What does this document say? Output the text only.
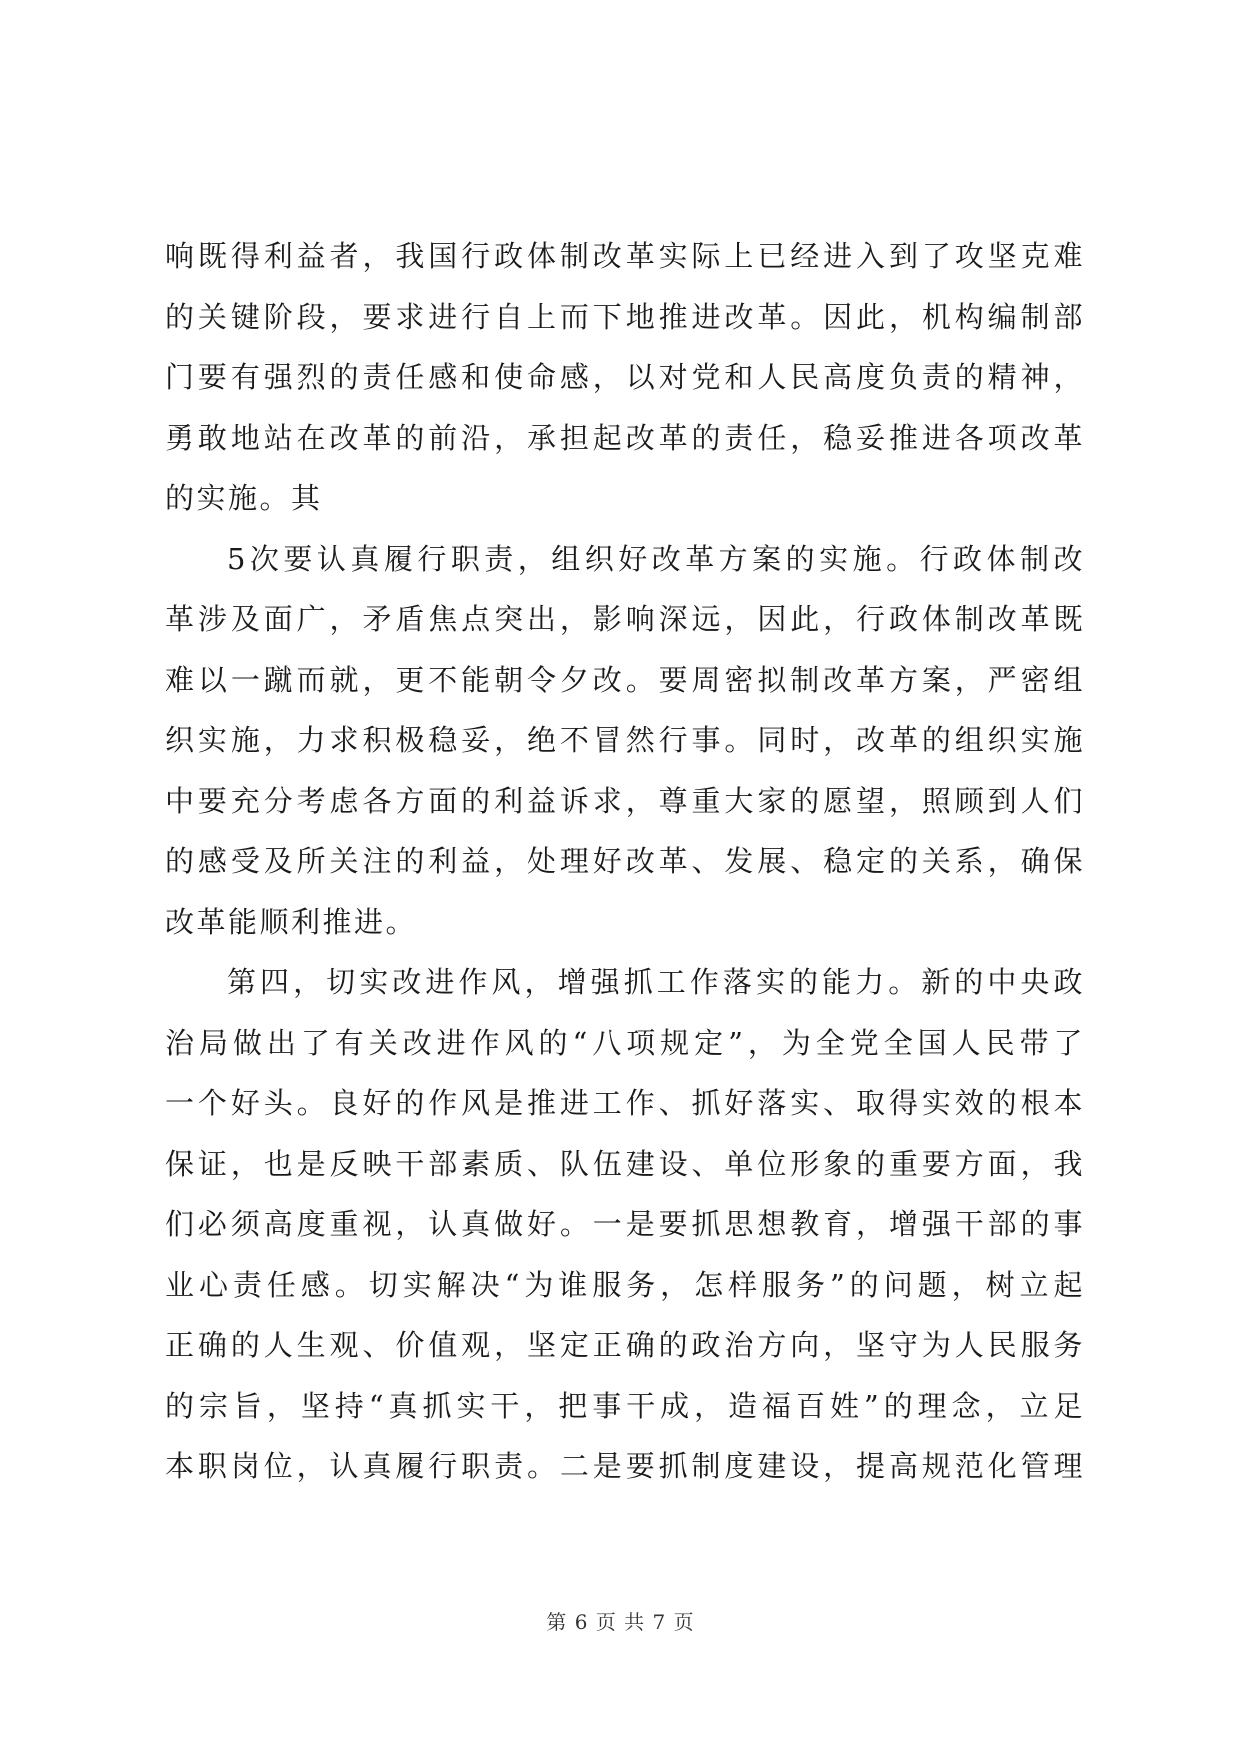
响既得利益者，我国行政体制改革实际上已经进入到了攻坚克难
的关键阶段，要求进行自上而下地推进改革。因此，机构编制部
门要有强烈的责任感和使命感，以对党和人民高度负责的精神，
勇敢地站在改革的前沿，承担起改革的责任，稳妥推进各项改革
的实施。其
5次要认真履行职责，组织好改革方案的实施。行政体制改
革涉及面广，矛盾焦点突出，影响深远，因此，行政体制改革既
难以一蹴而就，更不能朝令夕改。要周密拟制改革方案，严密组
织实施，力求积极稳妥，绝不冒然行事。同时，改革的组织实施
中要充分考虑各方面的利益诉求，尊重大家的愿望，照顾到人们
的感受及所关注的利益，处理好改革、发展、稳定的关系，确保
改革能顺利推进。
第四，切实改进作风，增强抓工作落实的能力。新的中央政
治局做出了有关改进作风的“八项规定”，为全党全国人民带了
一个好头。良好的作风是推进工作、抓好落实、取得实效的根本
保证，也是反映干部素质、队伍建设、单位形象的重要方面，我
们必须高度重视，认真做好。一是要抓思想教育，增强干部的事
业心责任感。切实解决“为谁服务，怎样服务”的问题，树立起
正确的人生观、价值观，坚定正确的政治方向，坚守为人民服务
的宗旨，坚持“真抓实干，把事干成，造福百姓”的理念，立足
本职岗位，认真履行职责。二是要抓制度建设，提高规范化管理
第 6 页 共 7 页
